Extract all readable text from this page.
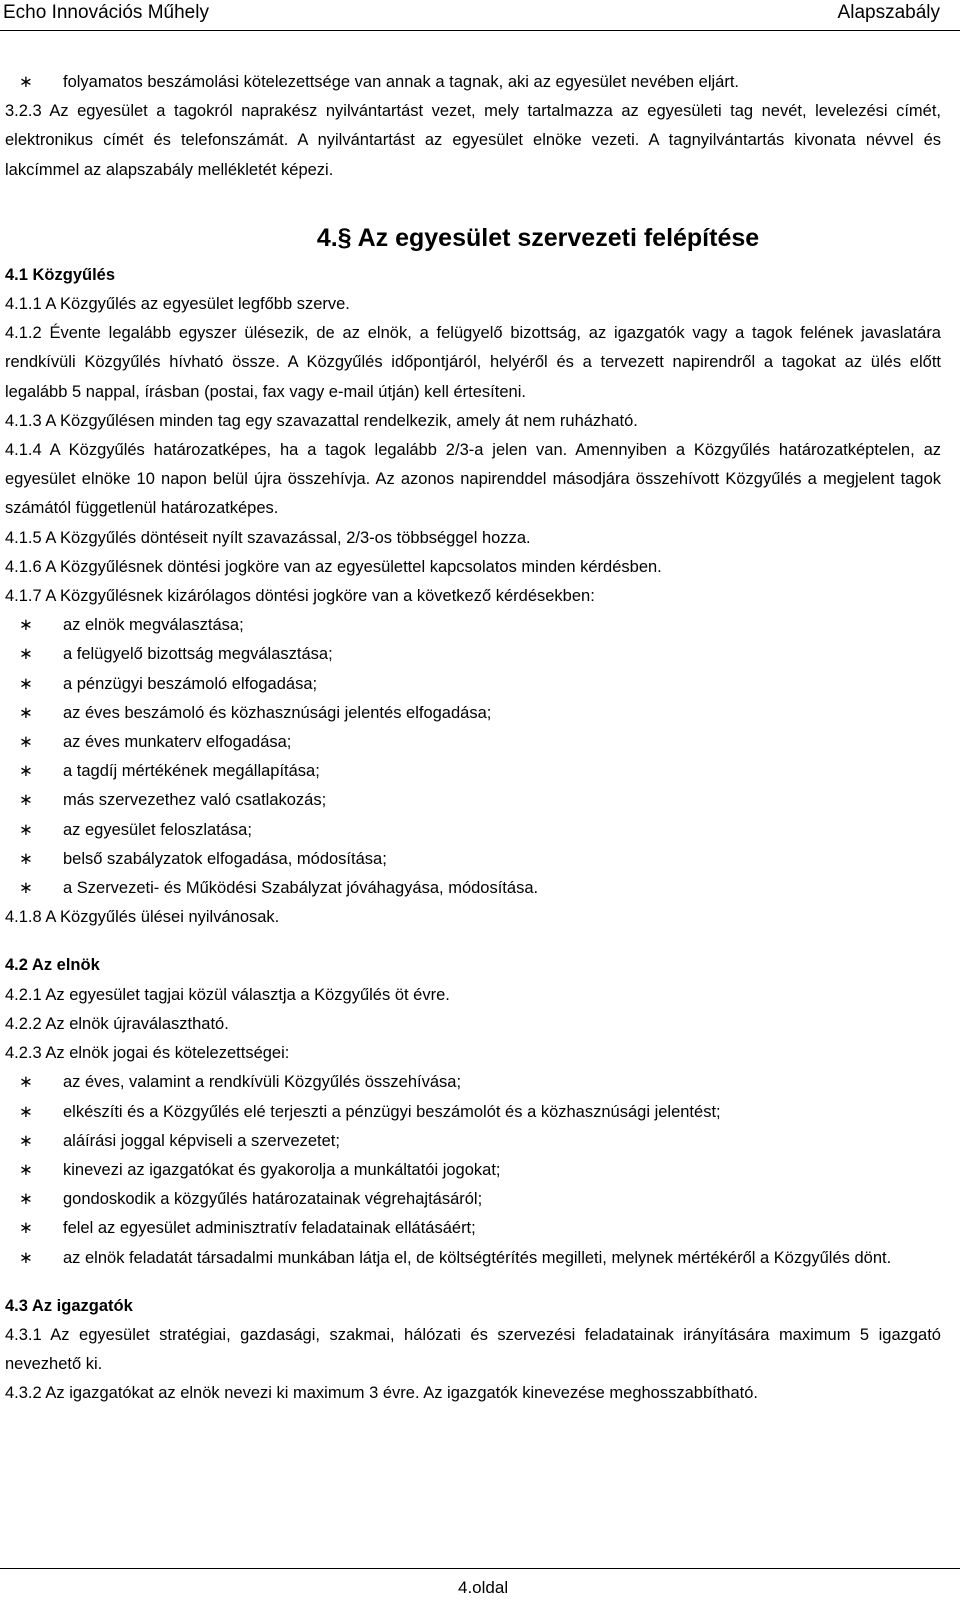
Echo Innovációs Műhely	Alapszabály
∗ folyamatos beszámolási kötelezettsége van annak a tagnak, aki az egyesület nevében eljárt.

3.2.3 Az egyesület a tagokról naprakész nyilvántartást vezet, mely tartalmazza az egyesületi tag nevét, levelezési címét, elektronikus címét és telefonszámát. A nyilvántartást az egyesület elnöke vezeti. A tagnyilvántartás kivonata névvel és lakcímmel az alapszabály mellékletét képezi.

4.§ Az egyesület szervezeti felépítése
4.1 Közgyűlés

4.1.1 A Közgyűlés az egyesület legfőbb szerve.

4.1.2 Évente legalább egyszer ülésezik, de az elnök, a felügyelő bizottság, az igazgatók vagy a tagok felének javaslatára rendkívüli Közgyűlés hívható össze. A Közgyűlés időpontjáról, helyéről és a tervezett napirendről a tagokat az ülés előtt legalább 5 nappal, írásban (postai, fax vagy e-mail útján) kell értesíteni.

4.1.3 A Közgyűlésen minden tag egy szavazattal rendelkezik, amely át nem ruházható.

4.1.4 A Közgyűlés határozatképes, ha a tagok legalább 2/3-a jelen van. Amennyiben a Közgyűlés határozatképtelen, az egyesület elnöke 10 napon belül újra összehívja. Az azonos napirenddel másodjára összehívott Közgyűlés a megjelent tagok számától függetlenül határozatképes.

4.1.5 A Közgyűlés döntéseit nyílt szavazással, 2/3-os többséggel hozza.

4.1.6 A Közgyűlésnek döntési jogköre van az egyesülettel kapcsolatos minden kérdésben.

4.1.7 A Közgyűlésnek kizárólagos döntési jogköre van a következő kérdésekben:

∗ az elnök megválasztása;
∗ a felügyelő bizottság megválasztása;
∗ a pénzügyi beszámoló elfogadása;
∗ az éves beszámoló és közhasznúsági jelentés elfogadása;
∗ az éves munkaterv elfogadása;
∗ a tagdíj mértékének megállapítása;
∗ más szervezethez való csatlakozás;
∗ az egyesület feloszlatása;
∗ belső szabályzatok elfogadása, módosítása;
∗ a Szervezeti- és Működési Szabályzat jóváhagyása, módosítása.

4.1.8 A Közgyűlés ülései nyilvánosak.

4.2 Az elnök

4.2.1 Az egyesület tagjai közül választja a Közgyűlés öt évre.

4.2.2 Az elnök újraválasztható.

4.2.3 Az elnök jogai és kötelezettségei:

∗ az éves, valamint a rendkívüli Közgyűlés összehívása;
∗ elkészíti és a Közgyűlés elé terjeszti a pénzügyi beszámolót és a közhasznúsági jelentést;
∗ aláírási joggal képviseli a szervezetet;
∗ kinevezi az igazgatókat és gyakorolja a munkáltatói jogokat;
∗ gondoskodik a közgyűlés határozatainak végrehajtásáról;
∗ felel az egyesület adminisztratív feladatainak ellátásáért;
∗ az elnök feladatát társadalmi munkában látja el, de költségtérítés megilleti, melynek mértékéről a Közgyűlés dönt.
4.3 Az igazgatók

4.3.1 Az egyesület stratégiai, gazdasági, szakmai, hálózati és szervezési feladatainak irányítására maximum 5 igazgató nevezhető ki.

4.3.2 Az igazgatókat az elnök nevezi ki maximum 3 évre. Az igazgatók kinevezése meghosszabbítható.

4.oldal
